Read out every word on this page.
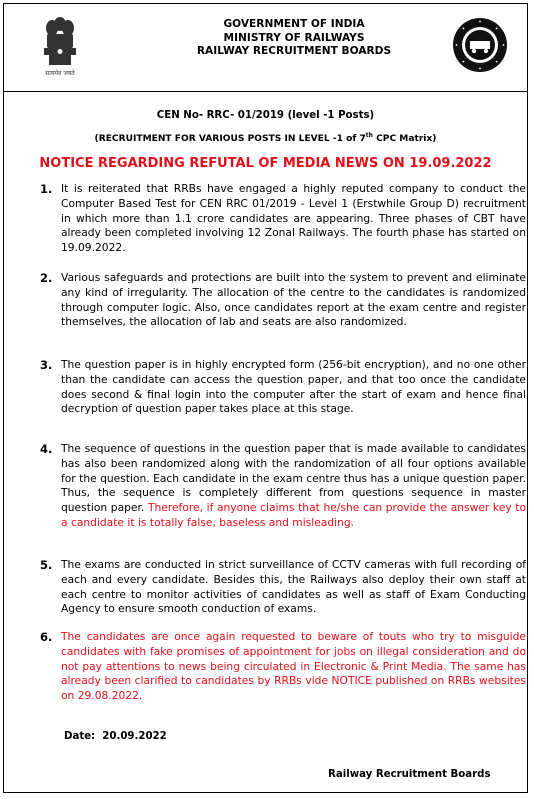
सत्यमेव जयते
GOVERNMENT OF INDIA
MINISTRY OF RAILWAYS
RAILWAY RECRUITMENT BOARDS
CEN No- RRC- 01/2019 (level -1 Posts)
(RECRUITMENT FOR VARIOUS POSTS IN LEVEL -1 of 7th CPC Matrix)
NOTICE REGARDING REFUTAL OF MEDIA NEWS ON 19.09.2022
1. It is reiterated that RRBs have engaged a highly reputed company to conduct the Computer Based Test for CEN RRC 01/2019 - Level 1 (Erstwhile Group D) recruitment in which more than 1.1 crore candidates are appearing. Three phases of CBT have already been completed involving 12 Zonal Railways. The fourth phase has started on 19.09.2022.
2. Various safeguards and protections are built into the system to prevent and eliminate any kind of irregularity. The allocation of the centre to the candidates is randomized through computer logic. Also, once candidates report at the exam centre and register themselves, the allocation of lab and seats are also randomized.
3. The question paper is in highly encrypted form (256-bit encryption), and no one other than the candidate can access the question paper, and that too once the candidate does second & final login into the computer after the start of exam and hence final decryption of question paper takes place at this stage.
4. The sequence of questions in the question paper that is made available to candidates has also been randomized along with the randomization of all four options available for the question. Each candidate in the exam centre thus has a unique question paper. Thus, the sequence is completely different from questions sequence in master question paper. Therefore, if anyone claims that he/she can provide the answer key to a candidate it is totally false, baseless and misleading.
5. The exams are conducted in strict surveillance of CCTV cameras with full recording of each and every candidate. Besides this, the Railways also deploy their own staff at each centre to monitor activities of candidates as well as staff of Exam Conducting Agency to ensure smooth conduction of exams.
6. The candidates are once again requested to beware of touts who try to misguide candidates with fake promises of appointment for jobs on illegal consideration and do not pay attentions to news being circulated in Electronic & Print Media. The same has already been clarified to candidates by RRBs vide NOTICE published on RRBs websites on 29.08.2022.
Date: 20.09.2022
Railway Recruitment Boards
